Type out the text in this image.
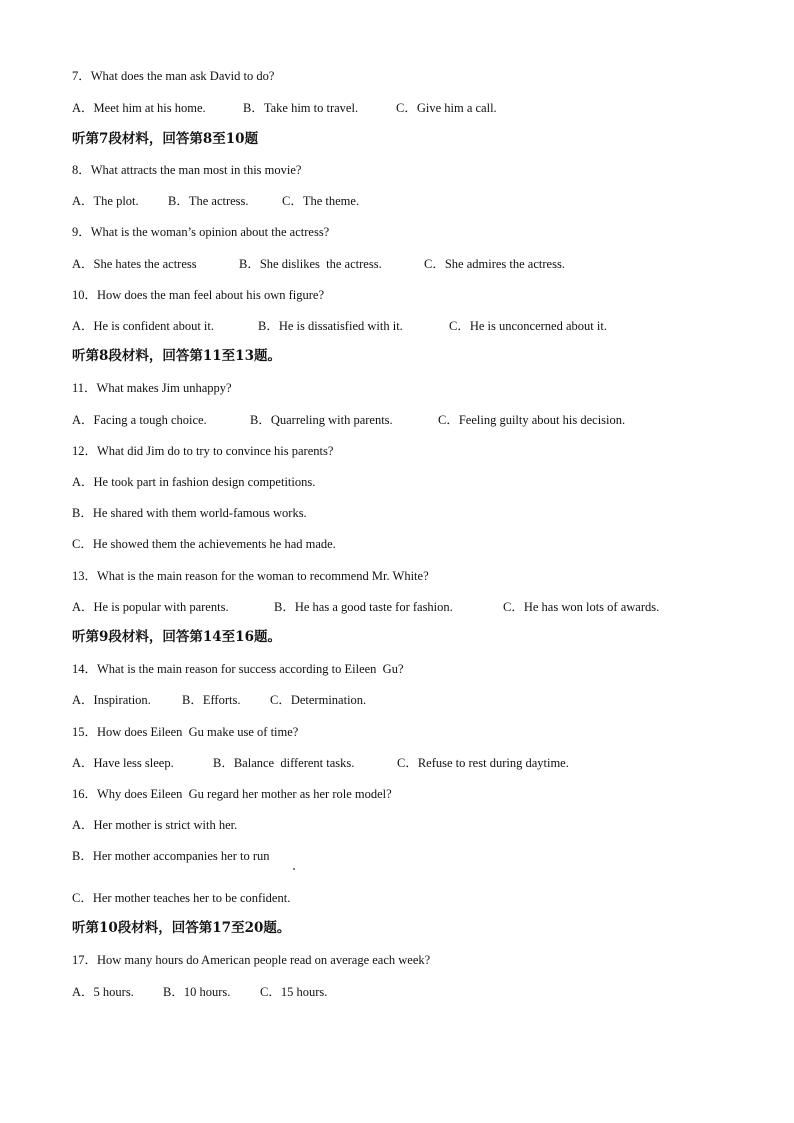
7．What does the man ask David to do?

A．Meet him at his home.

	B．Take him to travel.

	C．Give him a call.

听第7段材料，回答第8至10题
8．What attracts the man most in this movie?

A．The plot.

B．The actress.

	C．The theme.

9．What is the woman’s opinion about the actress?

A．She hates the actress

	B．She dislikes  the actress.

	C．She admires the actress.

10．How does the man feel about his own figure?

A．He is confident about it.

	B．He is dissatisfied with it.

	C．He is unconcerned about it.

听第8段材料，回答第11至13题。
11．What makes Jim unhappy?

A．Facing a tough choice.

	B．Quarreling with parents.

	C．Feeling guilty about his decision.

12．What did Jim do to try to convince his parents?
A．He took part in fashion design competitions.
B．He shared with them world-famous works.
C．He showed them the achievements he had made.
13．What is the main reason for the woman to recommend Mr. White?

A．He is popular with parents.

	B．He has a good taste for fashion.

	C．He has won lots of awards.

听第9段材料，回答第14至16题。
14．What is the main reason for success according to Eileen  Gu?

A．Inspiration.

B．Efforts.

C．Determination.

15．How does Eileen  Gu make use of time?

A．Have less sleep.

	B．Balance  different tasks.

	C．Refuse to rest during daytime.

16．Why does Eileen  Gu regard her mother as her role model?
A．Her mother is strict with her.
B．Her mother accompanies her to run
C．Her mother teaches her to be confident.
听第10段材料，回答第17至20题。
17．How many hours do American people read on average each week?

A．5 hours.

B．10 hours.

C．15 hours.
